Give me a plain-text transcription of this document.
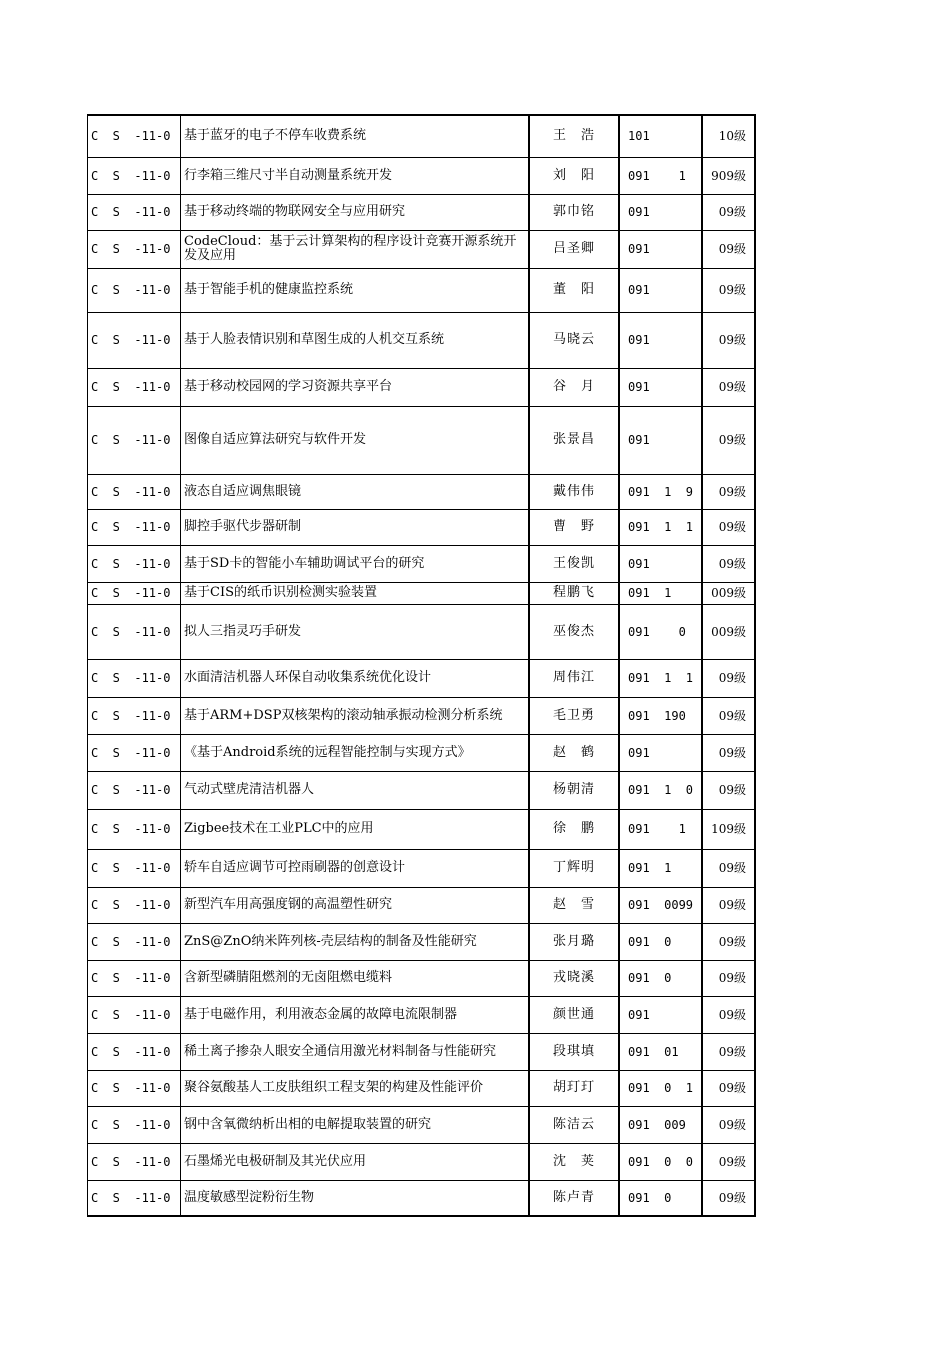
C  S  -11-0	基于蓝牙的电子不停车收费系统	王　浩	101	10级
C  S  -11-0	行李箱三维尺寸半自动测量系统开发	刘　阳	091    1	909级
C  S  -11-0	基于移动终端的物联网安全与应用研究	郭巾铭	091	09级
C  S  -11-0	CodeCloud：基于云计算架构的程序设计竞赛开源系统开发及应用	吕圣卿	091	09级
C  S  -11-0	基于智能手机的健康监控系统	董　阳	091	09级
C  S  -11-0	基于人脸表情识别和草图生成的人机交互系统	马晓云	091	09级
C  S  -11-0	基于移动校园网的学习资源共享平台	谷　月	091	09级
C  S  -11-0	图像自适应算法研究与软件开发	张景昌	091	09级
C  S  -11-0	液态自适应调焦眼镜	戴伟伟	091  1  9	09级
C  S  -11-0	脚控手驱代步器研制	曹　野	091  1  1	09级
C  S  -11-0	基于SD卡的智能小车辅助调试平台的研究	王俊凯	091	09级
C  S  -11-0	基于CIS的纸币识别检测实验装置	程鹏飞	091  1	009级
C  S  -11-0	拟人三指灵巧手研发	巫俊杰	091    0	009级
C  S  -11-0	水面清洁机器人环保自动收集系统优化设计	周伟江	091  1  1	09级
C  S  -11-0	基于ARM+DSP双核架构的滚动轴承振动检测分析系统	毛卫勇	091  190	09级
C  S  -11-0	《基于Android系统的远程智能控制与实现方式》	赵　鹤	091	09级
C  S  -11-0	气动式壁虎清洁机器人	杨朝清	091  1  0	09级
C  S  -11-0	Zigbee技术在工业PLC中的应用	徐　鹏	091    1	109级
C  S  -11-0	轿车自适应调节可控雨刷器的创意设计	丁辉明	091  1	09级
C  S  -11-0	新型汽车用高强度钢的高温塑性研究	赵　雪	091  0099	09级
C  S  -11-0	ZnS@ZnO纳米阵列核-壳层结构的制备及性能研究	张月璐	091  0	09级
C  S  -11-0	含新型磷腈阻燃剂的无卤阻燃电缆料	戎晓溪	091  0	09级
C  S  -11-0	基于电磁作用，利用液态金属的故障电流限制器	颜世通	091	09级
C  S  -11-0	稀土离子掺杂人眼安全通信用激光材料制备与性能研究	段琪填	091  01	09级
C  S  -11-0	聚谷氨酸基人工皮肤组织工程支架的构建及性能评价	胡玎玎	091  0  1	09级
C  S  -11-0	钢中含氧微纳析出相的电解提取装置的研究	陈洁云	091  009	09级
C  S  -11-0	石墨烯光电极研制及其光伏应用	沈　荚	091  0  0	09级
C  S  -11-0	温度敏感型淀粉衍生物	陈卢青	091  0	09级
